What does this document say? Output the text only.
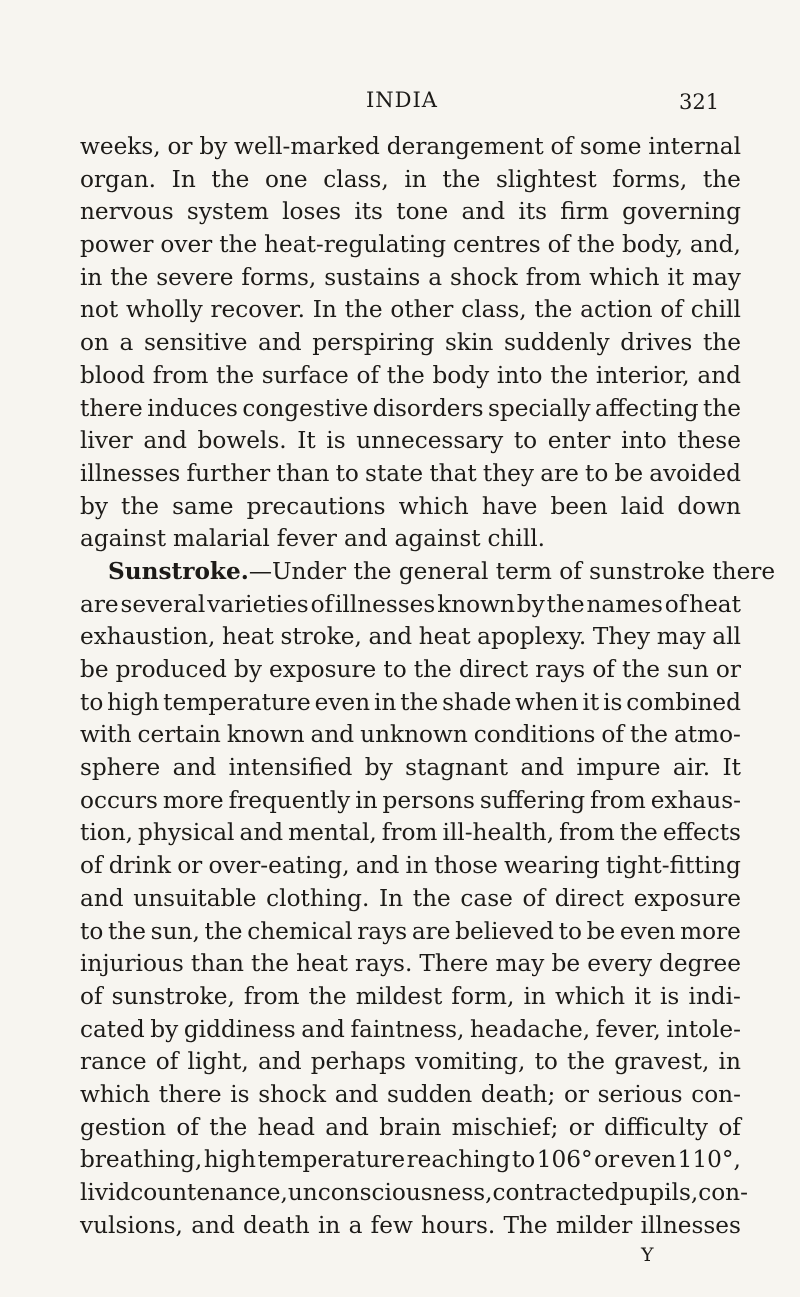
INDIA	321
weeks, or by well-marked derangement of some internal
organ. In the one class, in the slightest forms, the
nervous system loses its tone and its firm governing
power over the heat-regulating centres of the body, and,
in the severe forms, sustains a shock from which it may
not wholly recover. In the other class, the action of chill
on a sensitive and perspiring skin suddenly drives the
blood from the surface of the body into the interior, and
there induces congestive disorders specially affecting the
liver and bowels. It is unnecessary to enter into these
illnesses further than to state that they are to be avoided
by the same precautions which have been laid down
against malarial fever and against chill.
Sunstroke. —Under the general term of sunstroke there
are several varieties of illnesses known by the names of heat
exhaustion, heat stroke, and heat apoplexy. They may all
be produced by exposure to the direct rays of the sun or
to high temperature even in the shade when it is combined
with certain known and unknown conditions of the atmo-
sphere and intensified by stagnant and impure air. It
occurs more frequently in persons suffering from exhaus-
tion, physical and mental, from ill-health, from the effects
of drink or over-eating, and in those wearing tight-fitting
and unsuitable clothing. In the case of direct exposure
to the sun, the chemical rays are believed to be even more
injurious than the heat rays. There may be every degree
of sunstroke, from the mildest form, in which it is indi-
cated by giddiness and faintness, headache, fever, intole-
rance of light, and perhaps vomiting, to the gravest, in
which there is shock and sudden death; or serious con-
gestion of the head and brain mischief; or difficulty of
breathing, high temperature reaching to 106° or even 110°,
livid countenance, unconsciousness, contracted pupils, con-
vulsions, and death in a few hours. The milder illnesses
Y
